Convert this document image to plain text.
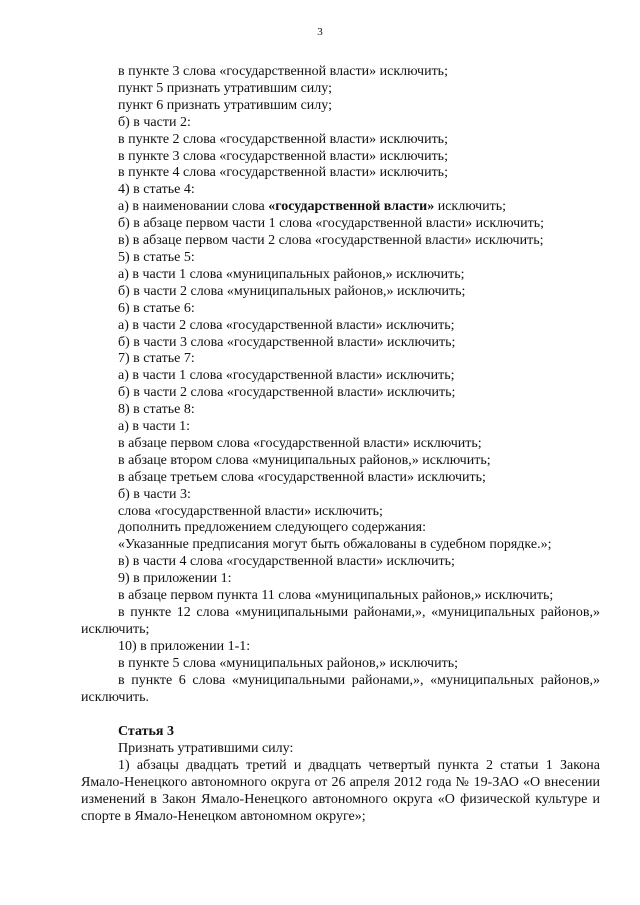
3
в пункте 3 слова «государственной власти» исключить;
пункт 5 признать утратившим силу;
пункт 6 признать утратившим силу;
б) в части 2:
в пункте 2 слова «государственной власти» исключить;
в пункте 3 слова «государственной власти» исключить;
в пункте 4 слова «государственной власти» исключить;
4) в статье 4:
а) в наименовании слова «государственной власти» исключить;
б) в абзаце первом части 1 слова «государственной власти» исключить;
в) в абзаце первом части 2 слова «государственной власти» исключить;
5) в статье 5:
а) в части 1 слова «муниципальных районов,» исключить;
б) в части 2 слова «муниципальных районов,» исключить;
6) в статье 6:
а) в части 2 слова «государственной власти» исключить;
б) в части 3 слова «государственной власти» исключить;
7) в статье 7:
а) в части 1 слова «государственной власти» исключить;
б) в части 2 слова «государственной власти» исключить;
8) в статье 8:
а) в части 1:
в абзаце первом слова «государственной власти» исключить;
в абзаце втором слова «муниципальных районов,» исключить;
в абзаце третьем слова «государственной власти» исключить;
б) в части 3:
слова «государственной власти» исключить;
дополнить предложением следующего содержания:
«Указанные предписания могут быть обжалованы в судебном порядке.»;
в) в части 4 слова «государственной власти» исключить;
9) в приложении 1:
в абзаце первом пункта 11 слова «муниципальных районов,» исключить;

в пункте 12 слова «муниципальными районами,», «муниципальных районов,» исключить;

10) в приложении 1-1:
в пункте 5 слова «муниципальных районов,» исключить;

в пункте 6 слова «муниципальными районами,», «муниципальных районов,» исключить.

Статья 3
Признать утратившими силу:

1) абзацы двадцать третий и двадцать четвертый пункта 2 статьи 1 Закона Ямало-Ненецкого автономного округа от 26 апреля 2012 года № 19-ЗАО «О внесении изменений в Закон Ямало-Ненецкого автономного округа «О физической культуре и спорте в Ямало-Ненецком автономном округе»;
